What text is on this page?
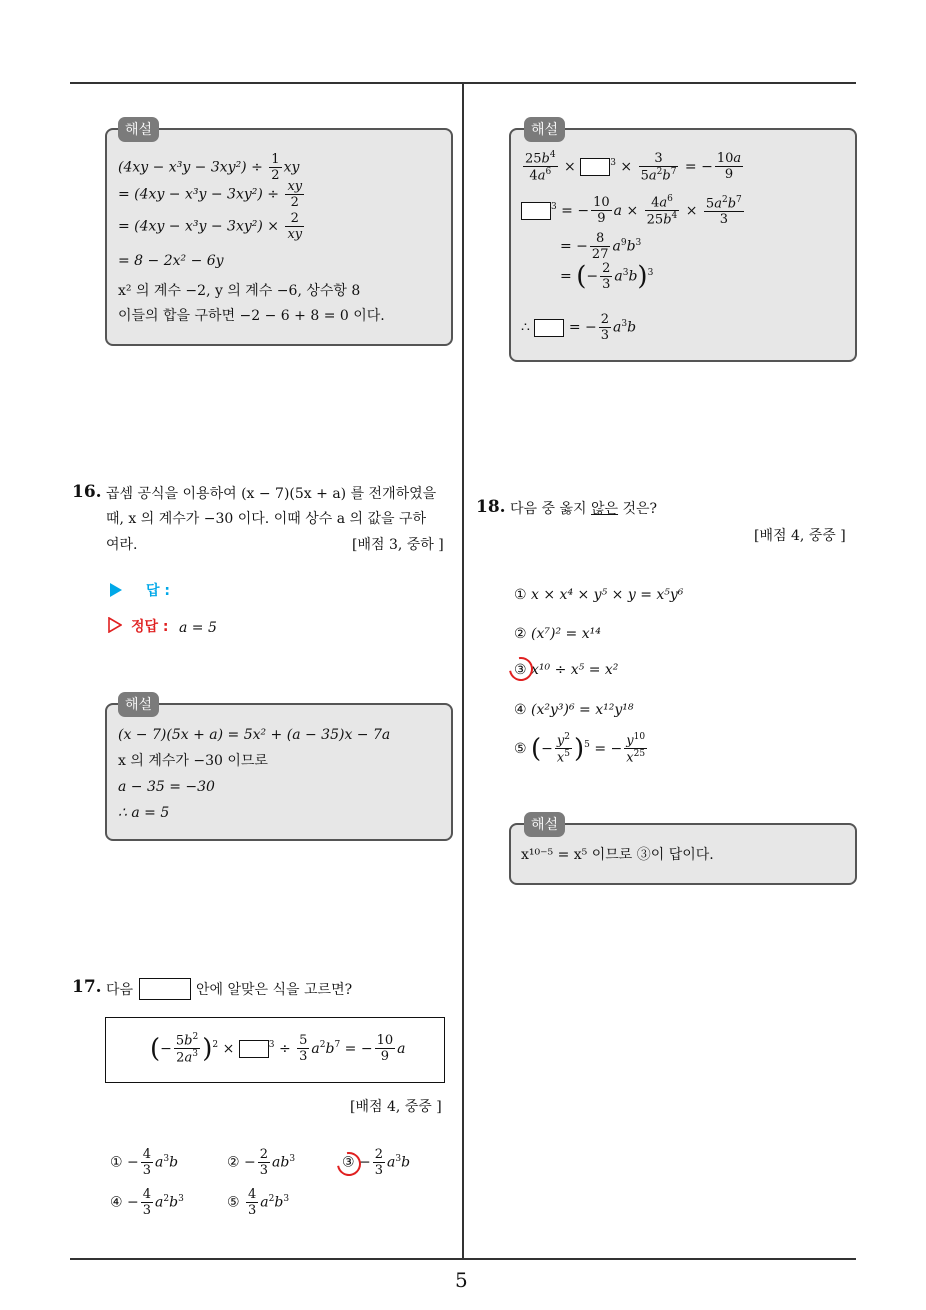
5
해설
$(4xy - x^3y - 3xy^2) \div \frac{1}{2}$ xy
= $(4xy - x^3y - 3xy^2) \div \frac{xy}{2}$
= $(4xy - x^3y - 3xy^2) \times \frac{2}{xy}$
= 8 − 2x² − 6y
x² 의 계수 −2, y 의 계수 −6, 상수항 8
이들의 합을 구하면 −2 − 6 + 8 = 0 이다.
16. 곱셈 공식을 이용하여 (x − 7)(5x + a) 를 전개하였을
때, x 의 계수가 −30 이다. 이때 상수 a 의 값을 구하
여라.	[배점 3, 중하 ]
답 :
정답 : a = 5
해설
(x − 7)(5x + a) = 5x² + (a − 35)x − 7a
x 의 계수가 −30 이므로
a − 35 = −30
∴ a = 5
17. 다음	안에 알맞은 식을 고르면?
(− $\frac{5b^2}{2a^3} )^2$ ×	$^3 \div \frac{5}{3} a^2b^7$ = − $\frac{10}{9}$ a
[배점 4, 중중 ]
① − $\frac{4}{3} a^3b$	② − $\frac{2}{3} ab^3$	③ − $\frac{2}{3} a^3b$
④ − $\frac{4}{3} a^2b^3$	⑤ $\frac{4}{3} a^2b^3$
해설
$\frac{25b^4}{4a^6}$ ×	$^3 \times \frac{3}{5a^2b^7}$ = − $\frac{10a}{9}$
$^3$ = − $\frac{10}{9}$ $a \times \frac{4a^6}{25b^4} \times \frac{5a^2b^7}{3}$
= − $\frac{8}{27} a^9b^3$
= (− $\frac{2}{3} a^3b)^3$
∴  = − $\frac{2}{3} a^3b$
18. 다음 중 옳지 않은 것은?
[배점 4, 중중 ]
① x × x⁴ × y⁵ × y = x⁵y⁶
② (x⁷)² = x¹⁴
③ x¹⁰ ÷ x⁵ = x²
④ (x²y³)⁶ = x¹²y¹⁸
⑤ (− $\frac{y^2}{x^5} )^5$ = − $\frac{y^{10}}{x^{25}}$
해설
x¹⁰⁻⁵ = x⁵ 이므로 ③이 답이다.
